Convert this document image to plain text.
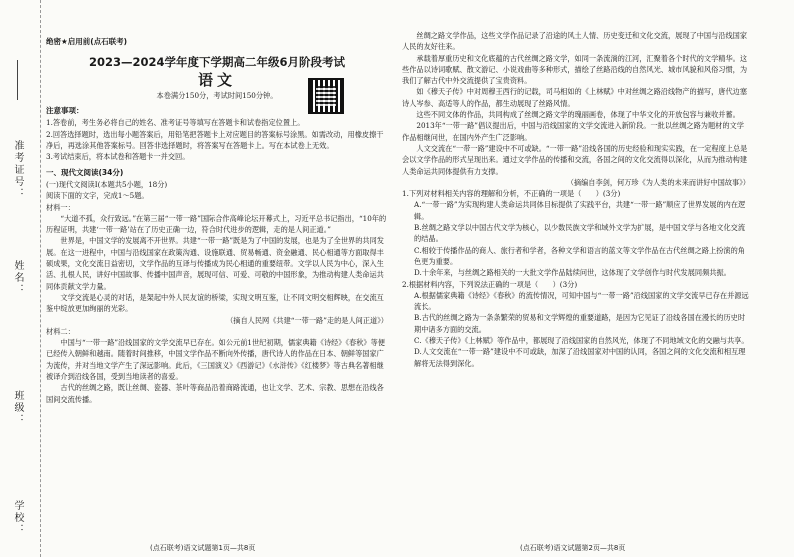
准考证号：
姓名：
班级：
学校：
绝密★启用前(点石联考)
2023—2024学年度下学期高二年级6月阶段考试
语文
本卷满分150分，考试时间150分钟。
注意事项：

1.答卷前，考生务必将自己的姓名、准考证号等填写在答题卡和试卷指定位置上。

2.回答选择题时，选出每小题答案后，用铅笔把答题卡上对应题目的答案标号涂黑。如需改动，用橡皮擦干净后，再选涂其他答案标号。回答非选择题时，将答案写在答题卡上。写在本试卷上无效。

3.考试结束后，将本试卷和答题卡一并交回。

一、现代文阅读(34分)

(一)现代文阅读Ⅰ(本题共5小题，18分)

阅读下面的文字，完成1～5题。

材料一：

“大道不孤，众行致远。”在第三届“一带一路”国际合作高峰论坛开幕式上，习近平总书记指出，“10年的历程证明，共建‘一带一路’站在了历史正确一边，符合时代进步的逻辑，走的是人间正道。”

世界是，中国文学的发展离不开世界。共建“一带一路”既是为了中国的发展，也是为了全世界的共同发展。在这一进程中，中国与沿线国家在政策沟通、设施联通、贸易畅通、资金融通、民心相通等方面取得丰硕成果，文化交流日益密切，文学作品的互译与传播成为民心相通的重要纽带。文学以人民为中心，深入生活、扎根人民，讲好中国故事、传播中国声音，展现可信、可爱、可敬的中国形象，为推动构建人类命运共同体贡献文学力量。

文学交流是心灵的对话，是架起中外人民友谊的桥梁，实现文明互鉴，让不同文明交相辉映，在交流互鉴中绽放更加绚丽的光彩。

（摘自人民网《共建“一带一路”走的是人间正道》）

材料二：

中国与“一带一路”沿线国家的文学交流早已存在。如公元前1世纪初期，儒家典籍《诗经》《春秋》等便已经传入朝鲜和越南。随着时间推移，中国文学作品不断向外传播，唐代诗人的作品在日本、朝鲜等国家广为流传，并对当地文学产生了深远影响。此后，《三国演义》《西游记》《水浒传》《红楼梦》等古典名著相继被译介到沿线各国，受到当地读者的喜爱。

古代的丝绸之路，既让丝绸、瓷器、茶叶等商品沿着商路流通，也让文学、艺术、宗教、思想在沿线各国间交流传播。

(点石联考)语文试题第1页—共8页

丝绸之路文学作品，这些文学作品记录了沿途的风土人情、历史变迁和文化交流，展现了中国与沿线国家人民的友好往来。

承载着厚重历史和文化底蕴的古代丝绸之路文学，如同一条流淌的江河，汇聚着各个时代的文学精华。这些作品以诗词歌赋、散文游记、小说戏曲等多种形式，描绘了丝路沿线的自然风光、城市风貌和风俗习惯，为我们了解古代中外交流提供了宝贵资料。

如《穆天子传》中对周穆王西行的记载，司马相如的《上林赋》中对丝绸之路沿线物产的描写，唐代边塞诗人岑参、高适等人的作品，都生动展现了丝路风情。

这些不同文体的作品，共同构成了丝绸之路文学的瑰丽画卷，体现了中华文化的开放包容与兼收并蓄。

2013年“一带一路”倡议提出后，中国与沿线国家的文学交流进入新阶段。一批以丝绸之路为题材的文学作品相继问世，在国内外产生广泛影响。

人文交流在“一带一路”建设中不可或缺。“一带一路”沿线各国的历史经验和现实实践，在一定程度上总是会以文学作品的形式呈现出来。通过文学作品的传播和交流，各国之间的文化交流得以深化，从而为推动构建人类命运共同体提供有力支撑。

（摘编自李剑，何万珍《为人类的未来而讲好中国故事》）

1.下列对材料相关内容的理解和分析，不正确的一项是（　　）(3分)

A.“一带一路”为实现构建人类命运共同体目标提供了实践平台，共建“一带一路”顺应了世界发展的内在逻辑。

B.丝绸之路文学以中国古代文学为核心，以少数民族文学和域外文学为扩展，是中国文学与各地文化交流的结晶。

C.相较于传播作品的商人、旅行者和学者，各种文学和语言的蓝文等文学作品在古代丝绸之路上扮演的角色更为重要。

D.十余年来，与丝绸之路相关的一大批文学作品陆续问世，这体现了文学创作与时代发展同频共振。

2.根据材料内容，下列说法正确的一项是（　　）(3分)

A.根据儒家典籍《诗经》《春秋》的流传情况，可知中国与“一带一路”沿线国家的文学交流早已存在并源远流长。

B.古代的丝绸之路为一条条繁荣的贸易和文学辉煌的重要道路，是因为它见证了沿线各国在漫长的历史时期中诸多方面的交流。

C.《穆天子传》《上林赋》等作品中，都展现了沿线国家的自然风光，体现了不同地域文化的交融与共享。

D.人文交流在“一带一路”建设中不可或缺，加深了沿线国家对中国的认同，各国之间的文化交流和相互理解将无法得到深化。

(点石联考)语文试题第2页—共8页
